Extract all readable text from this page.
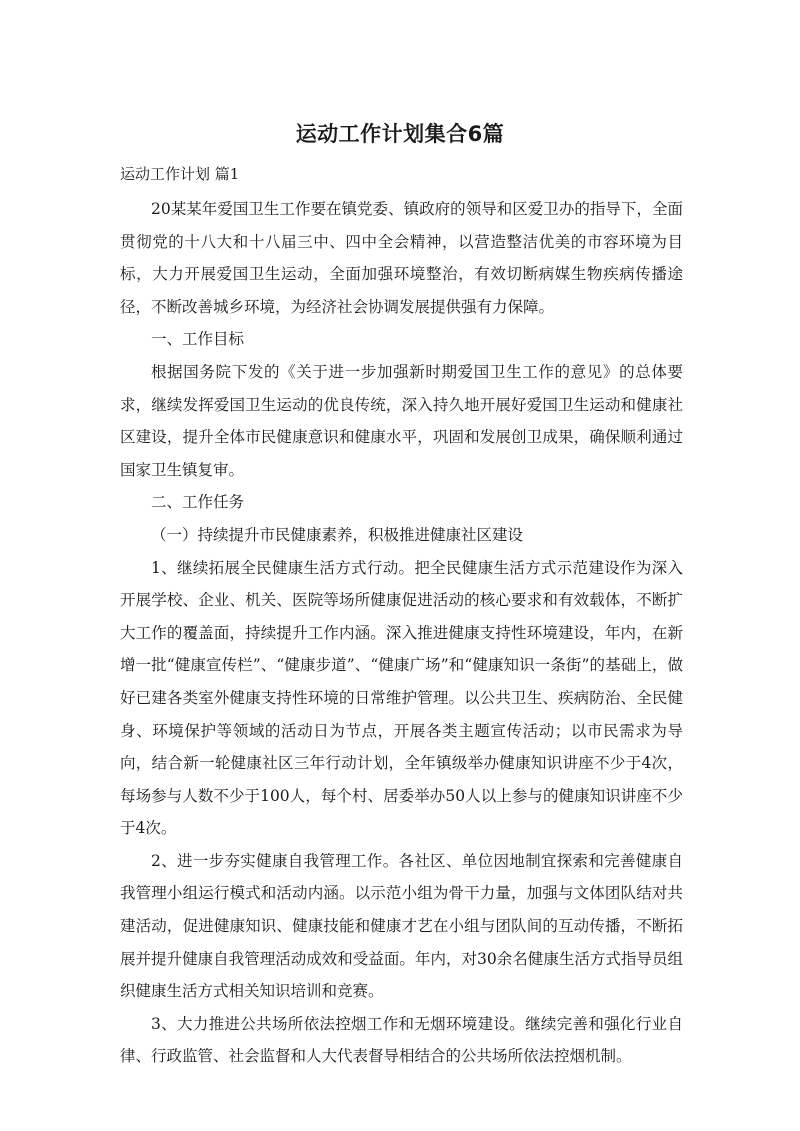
运动工作计划集合6篇
运动工作计划 篇1

20某某年爱国卫生工作要在镇党委、镇政府的领导和区爱卫办的指导下，全面贯彻党的十八大和十八届三中、四中全会精神，以营造整洁优美的市容环境为目标，大力开展爱国卫生运动，全面加强环境整治，有效切断病媒生物疾病传播途径，不断改善城乡环境，为经济社会协调发展提供强有力保障。

一、工作目标

根据国务院下发的《关于进一步加强新时期爱国卫生工作的意见》的总体要求，继续发挥爱国卫生运动的优良传统，深入持久地开展好爱国卫生运动和健康社区建设，提升全体市民健康意识和健康水平，巩固和发展创卫成果，确保顺利通过国家卫生镇复审。

二、工作任务

（一）持续提升市民健康素养，积极推进健康社区建设

1、继续拓展全民健康生活方式行动。把全民健康生活方式示范建设作为深入开展学校、企业、机关、医院等场所健康促进活动的核心要求和有效载体，不断扩大工作的覆盖面，持续提升工作内涵。深入推进健康支持性环境建设，年内，在新增一批“健康宣传栏”、“健康步道”、“健康广场”和“健康知识一条街”的基础上，做好已建各类室外健康支持性环境的日常维护管理。以公共卫生、疾病防治、全民健身、环境保护等领域的活动日为节点，开展各类主题宣传活动；以市民需求为导向，结合新一轮健康社区三年行动计划，全年镇级举办健康知识讲座不少于4次，每场参与人数不少于100人，每个村、居委举办50人以上参与的健康知识讲座不少于4次。

2、进一步夯实健康自我管理工作。各社区、单位因地制宜探索和完善健康自我管理小组运行模式和活动内涵。以示范小组为骨干力量，加强与文体团队结对共建活动，促进健康知识、健康技能和健康才艺在小组与团队间的互动传播，不断拓展并提升健康自我管理活动成效和受益面。年内，对30余名健康生活方式指导员组织健康生活方式相关知识培训和竞赛。

3、大力推进公共场所依法控烟工作和无烟环境建设。继续完善和强化行业自律、行政监管、社会监督和人大代表督导相结合的公共场所依法控烟机制。
